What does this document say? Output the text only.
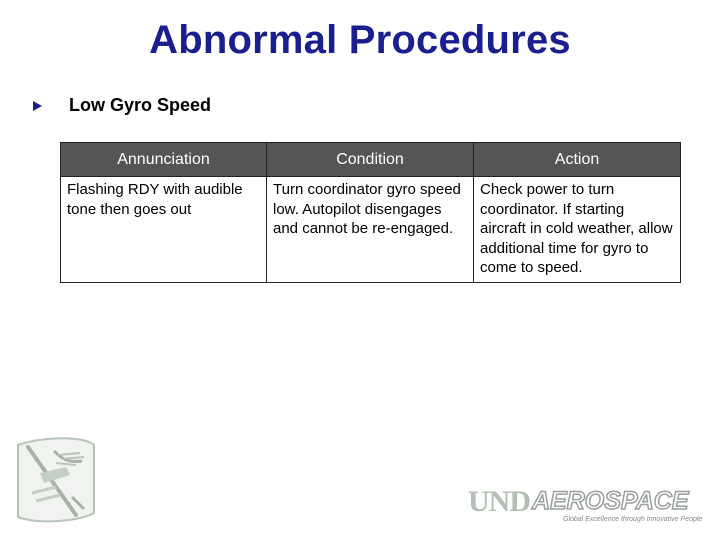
Abnormal Procedures
Low Gyro Speed
Annunciation	Condition	Action
Flashing RDY with audible tone then goes out	Turn coordinator gyro speed low. Autopilot disengages and cannot be re-engaged.	Check power to turn coordinator. If starting aircraft in cold weather, allow additional time for gyro to come to speed.
UND AEROSPACE
Global Excellence through Innovative People
